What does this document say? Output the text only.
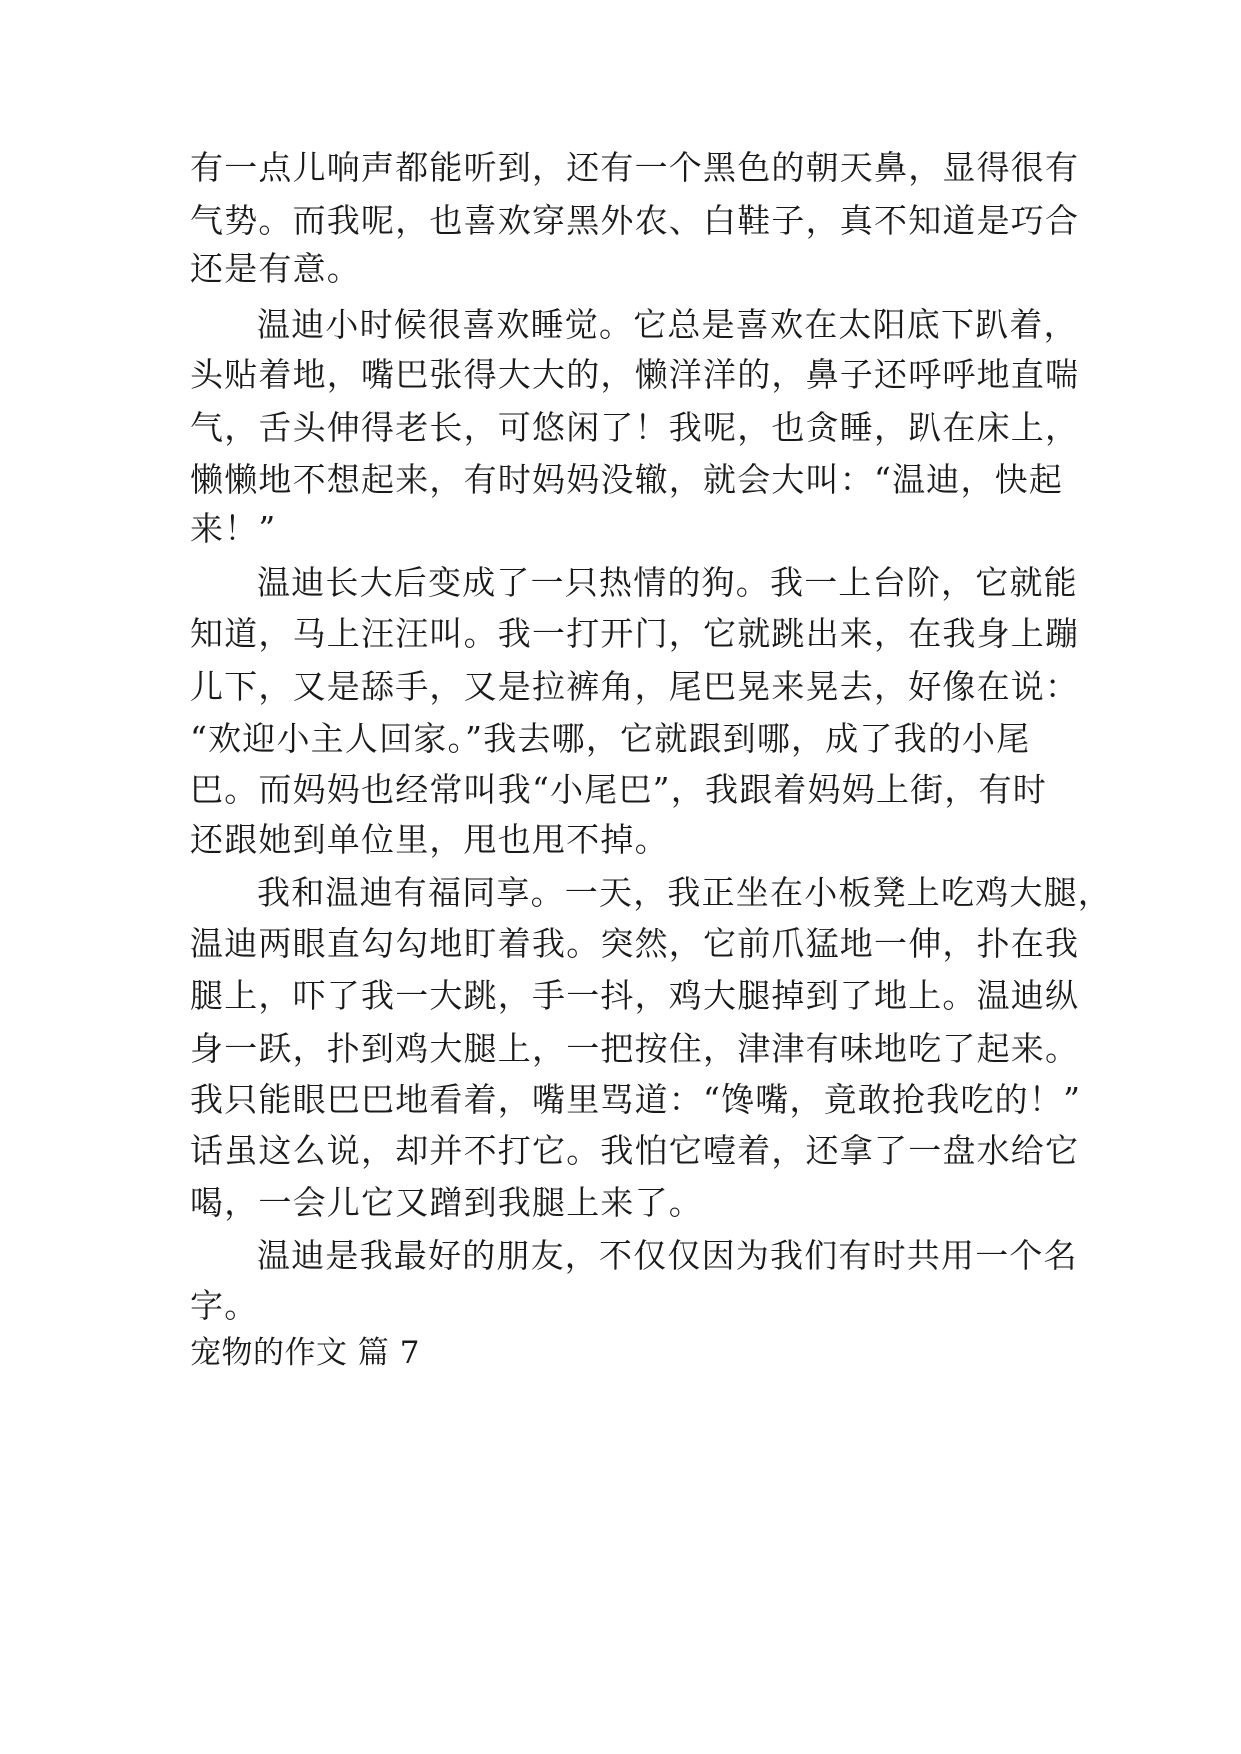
有一点儿响声都能听到，还有一个黑色的朝天鼻，显得很有
气势。而我呢，也喜欢穿黑外农、白鞋子，真不知道是巧合
还是有意。
温迪小时候很喜欢睡觉。它总是喜欢在太阳底下趴着，
头贴着地，嘴巴张得大大的，懒洋洋的，鼻子还呼呼地直喘
气，舌头伸得老长，可悠闲了！我呢，也贪睡，趴在床上，
懒懒地不想起来，有时妈妈没辙，就会大叫：“温迪，快起
来！”
温迪长大后变成了一只热情的狗。我一上台阶，它就能
知道，马上汪汪叫。我一打开门，它就跳出来，在我身上蹦
儿下，又是舔手，又是拉裤角，尾巴晃来晃去，好像在说：
“欢迎小主人回家。”我去哪，它就跟到哪，成了我的小尾
巴。而妈妈也经常叫我“小尾巴”，我跟着妈妈上街，有时
还跟她到单位里，甩也甩不掉。
我和温迪有福同享。一天，我正坐在小板凳上吃鸡大腿，
温迪两眼直勾勾地盯着我。突然，它前爪猛地一伸，扑在我
腿上，吓了我一大跳，手一抖，鸡大腿掉到了地上。温迪纵
身一跃，扑到鸡大腿上，一把按住，津津有味地吃了起来。
我只能眼巴巴地看着，嘴里骂道：“馋嘴，竟敢抢我吃的！”
话虽这么说，却并不打它。我怕它噎着，还拿了一盘水给它
喝，一会儿它又蹭到我腿上来了。
温迪是我最好的朋友，不仅仅因为我们有时共用一个名
字。
宠物的作文 篇 7
